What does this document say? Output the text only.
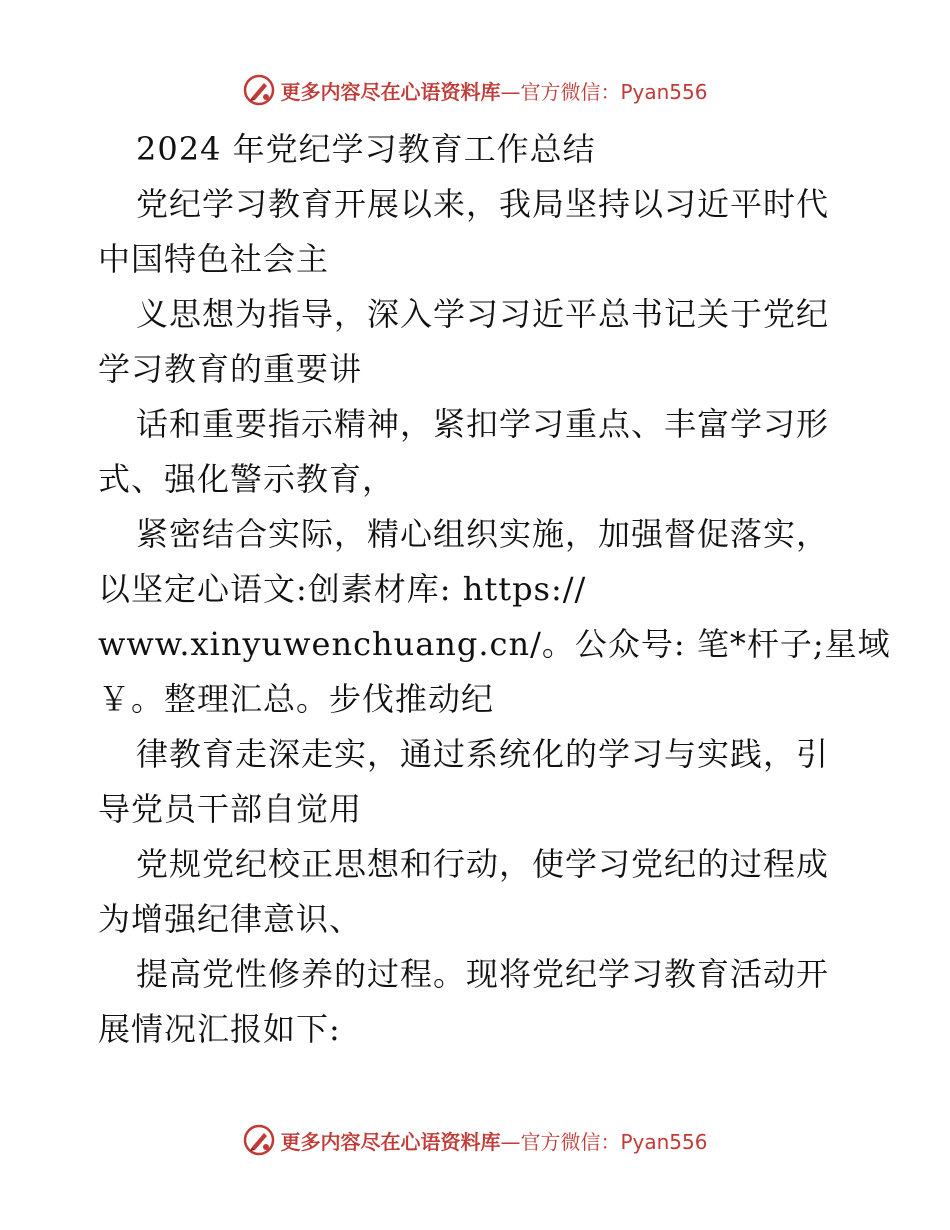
更多内容尽在心语资料库—官方微信：Pyan556
2024 年党纪学习教育工作总结
党纪学习教育开展以来，我局坚持以习近平时代
中国特色社会主
义思想为指导，深入学习习近平总书记关于党纪
学习教育的重要讲
话和重要指示精神，紧扣学习重点、丰富学习形
式、强化警示教育，
紧密结合实际，精心组织实施，加强督促落实，
以坚定心语文:创素材库: https://
www.xinyuwenchuang.cn/。公众号: 笔*杆子;星域
￥。整理汇总。步伐推动纪
律教育走深走实，通过系统化的学习与实践，引
导党员干部自觉用
党规党纪校正思想和行动，使学习党纪的过程成
为增强纪律意识、
提高党性修养的过程。现将党纪学习教育活动开
展情况汇报如下:
更多内容尽在心语资料库—官方微信：Pyan556
